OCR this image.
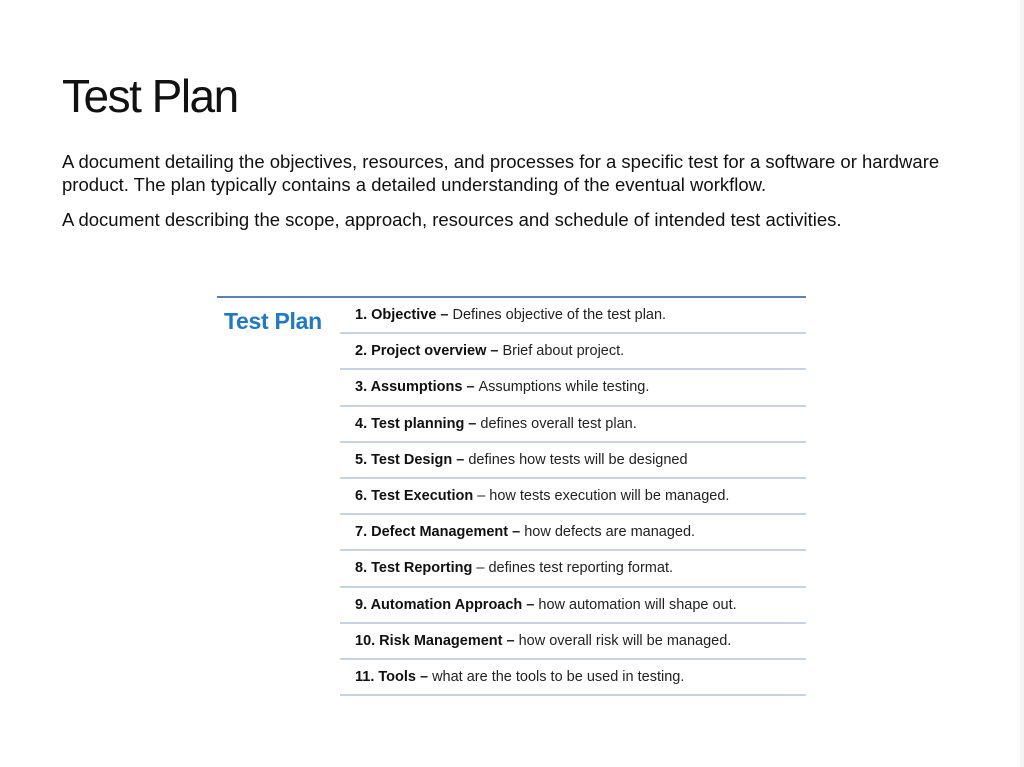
Test Plan

A document detailing the objectives, resources, and processes for a specific test for a software or hardware product. The plan typically contains a detailed understanding of the eventual workflow.

A document describing the scope, approach, resources and schedule of intended test activities.

Test Plan 1. Objective – Defines objective of the test plan.
2. Project overview – Brief about project.
3. Assumptions – Assumptions while testing.
4. Test planning – defines overall test plan.
5. Test Design – defines how tests will be designed
6. Test Execution – how tests execution will be managed.
7. Defect Management – how defects are managed.
8. Test Reporting – defines test reporting format.
9. Automation Approach – how automation will shape out.
10. Risk Management – how overall risk will be managed.
11. Tools – what are the tools to be used in testing.
